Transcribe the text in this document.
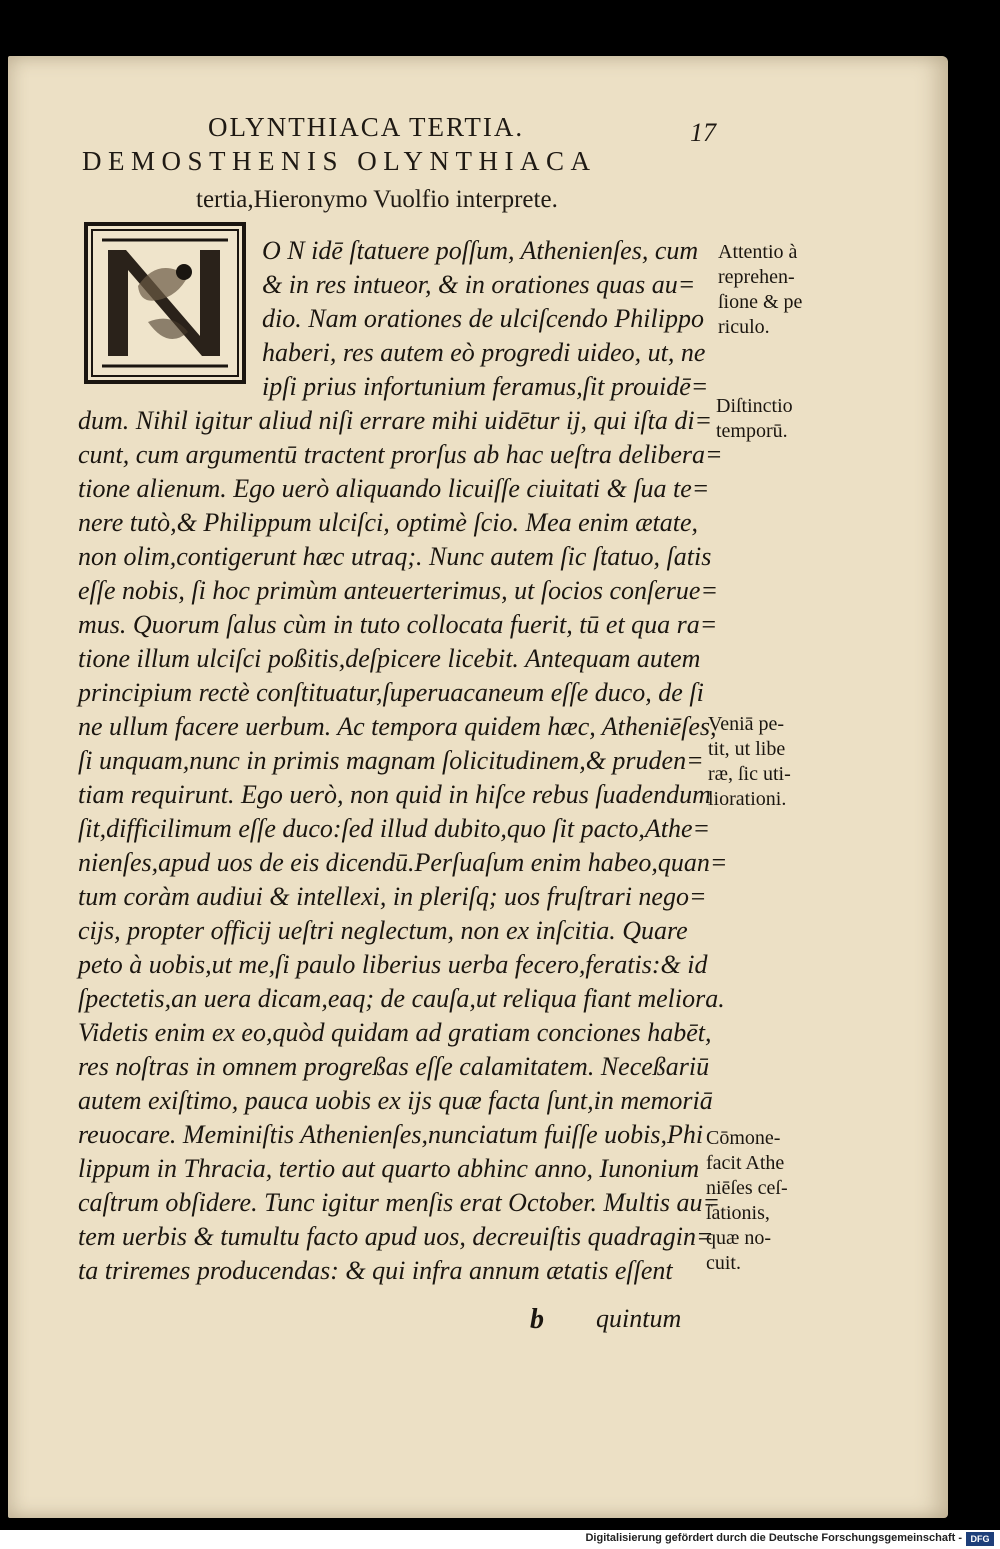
OLYNTHIACA TERTIA.	17
DEMOSTHENIS OLYNTHIACA
tertia,Hieronymo Vuolfio interprete.
O N idē ſtatuere poſſum, Athenienſes, cum
& in res intueor, & in orationes quas au=
dio. Nam orationes de ulciſcendo Philippo
haberi, res autem eò progredi uideo, ut, ne
ipſi prius infortunium feramus,ſit prouidē=
dum. Nihil igitur aliud niſi errare mihi uidētur ij, qui iſta di=
cunt, cum argumentū tractent prorſus ab hac ueſtra delibera=
tione alienum. Ego uerò aliquando licuiſſe ciuitati & ſua te=
nere tutò,& Philippum ulciſci, optimè ſcio. Mea enim ætate,
non olim,contigerunt hæc utraq;. Nunc autem ſic ſtatuo, ſatis
eſſe nobis, ſi hoc primùm anteuerterimus, ut ſocios conſerue=
mus. Quorum ſalus cùm in tuto collocata fuerit, tū et qua ra=
tione illum ulciſci poßitis,deſpicere licebit. Antequam autem
principium rectè conſtituatur,ſuperuacaneum eſſe duco, de ſi
ne ullum facere uerbum. Ac tempora quidem hæc, Atheniēſes,
ſi unquam,nunc in primis magnam ſolicitudinem,& pruden=
tiam requirunt. Ego uerò, non quid in hiſce rebus ſuadendum
ſit,difficilimum eſſe duco:ſed illud dubito,quo ſit pacto,Athe=
nienſes,apud uos de eis dicendū.Perſuaſum enim habeo,quan=
tum coràm audiui & intellexi, in pleriſq; uos fruſtrari nego=
cijs, propter officij ueſtri neglectum, non ex inſcitia. Quare
peto à uobis,ut me,ſi paulo liberius uerba fecero,feratis:& id
ſpectetis,an uera dicam,eaq; de cauſa,ut reliqua fiant meliora.
Videtis enim ex eo,quòd quidam ad gratiam conciones habēt,
res noſtras in omnem progreßas eſſe calamitatem. Neceßariū
autem exiſtimo, pauca uobis ex ijs quæ facta ſunt,in memoriā
reuocare. Meminiſtis Athenienſes,nunciatum fuiſſe uobis,Phi
lippum in Thracia, tertio aut quarto abhinc anno, Iunonium
caſtrum obſidere. Tunc igitur menſis erat October. Multis au=
tem uerbis & tumultu facto apud uos, decreuiſtis quadragin=
ta triremes producendas: & qui infra annum ætatis eſſent
Attentio à
reprehen-
ſione & pe
riculo.
Diſtinctio
temporū.
Veniā pe-
tit, ut libe
ræ, ſic uti-
liorationi.
Cōmone-
facit Athe
niēſes ceſ-
ſationis,
quæ no-
cuit.
b quintum
Digitalisierung gefördert durch die Deutsche Forschungsgemeinschaft - DFG
